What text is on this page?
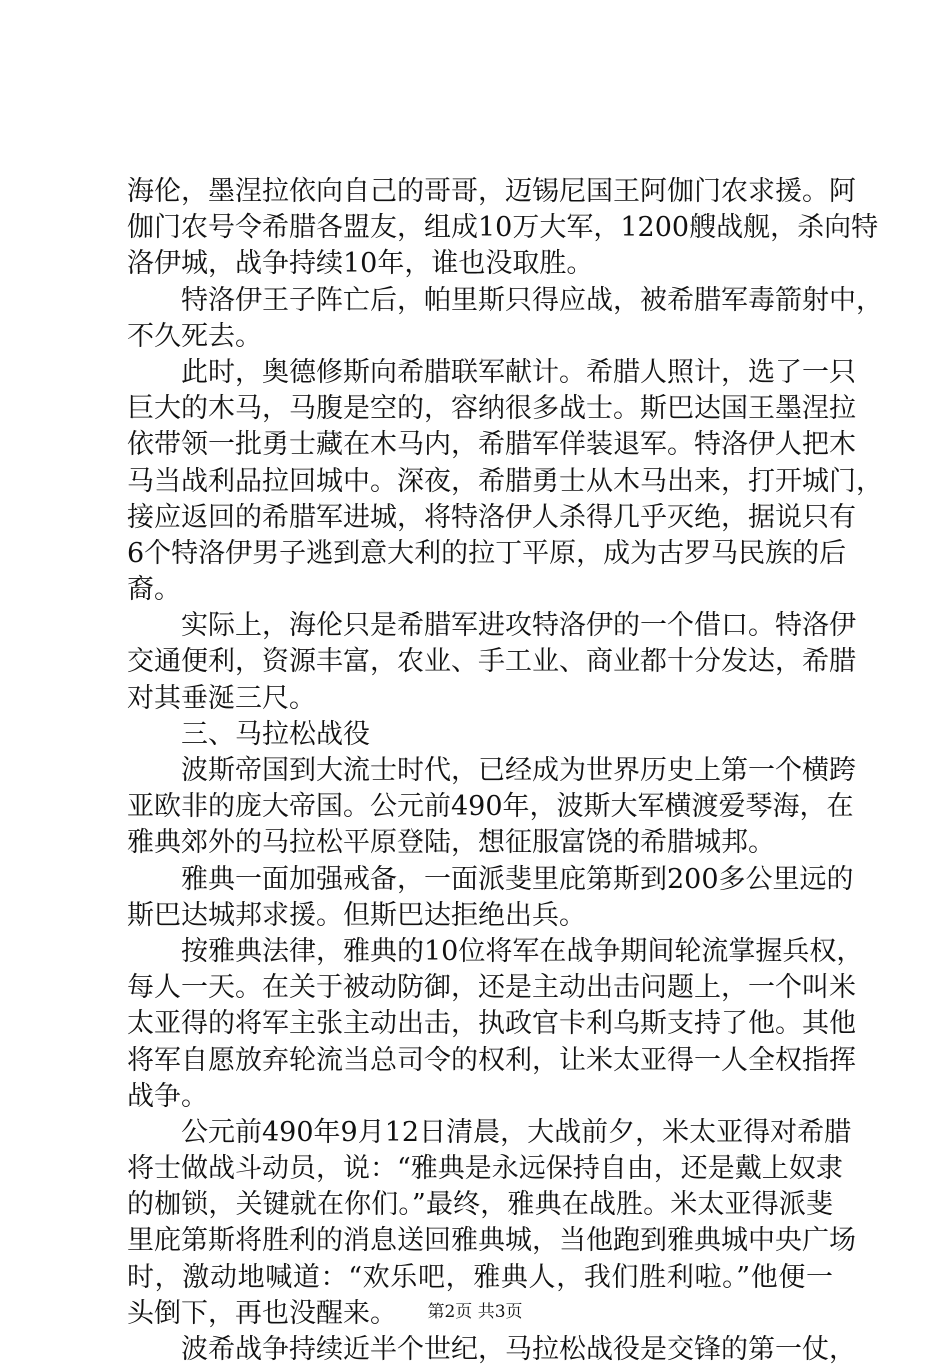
海伦，墨涅拉依向自己的哥哥，迈锡尼国王阿伽门农求援。阿
伽门农号令希腊各盟友，组成10万大军，1200艘战舰，杀向特
洛伊城，战争持续10年，谁也没取胜。
特洛伊王子阵亡后，帕里斯只得应战，被希腊军毒箭射中，
不久死去。
此时，奥德修斯向希腊联军献计。希腊人照计，选了一只
巨大的木马，马腹是空的，容纳很多战士。斯巴达国王墨涅拉
依带领一批勇士藏在木马内，希腊军佯装退军。特洛伊人把木
马当战利品拉回城中。深夜，希腊勇士从木马出来，打开城门，
接应返回的希腊军进城，将特洛伊人杀得几乎灭绝，据说只有
6个特洛伊男子逃到意大利的拉丁平原，成为古罗马民族的后
裔。
实际上，海伦只是希腊军进攻特洛伊的一个借口。特洛伊
交通便利，资源丰富，农业、手工业、商业都十分发达，希腊
对其垂涎三尺。
三、马拉松战役
波斯帝国到大流士时代，已经成为世界历史上第一个横跨
亚欧非的庞大帝国。公元前490年，波斯大军横渡爱琴海，在
雅典郊外的马拉松平原登陆，想征服富饶的希腊城邦。
雅典一面加强戒备，一面派斐里庇第斯到200多公里远的
斯巴达城邦求援。但斯巴达拒绝出兵。
按雅典法律，雅典的10位将军在战争期间轮流掌握兵权，
每人一天。在关于被动防御，还是主动出击问题上，一个叫米
太亚得的将军主张主动出击，执政官卡利乌斯支持了他。其他
将军自愿放弃轮流当总司令的权利，让米太亚得一人全权指挥
战争。
公元前490年9月12日清晨，大战前夕，米太亚得对希腊
将士做战斗动员，说：“雅典是永远保持自由，还是戴上奴隶
的枷锁，关键就在你们。”最终，雅典在战胜。米太亚得派斐
里庇第斯将胜利的消息送回雅典城，当他跑到雅典城中央广场
时，激动地喊道：“欢乐吧，雅典人，我们胜利啦。”他便一
头倒下，再也没醒来。
波希战争持续近半个世纪，马拉松战役是交锋的第一仗，
第2页 共3页
